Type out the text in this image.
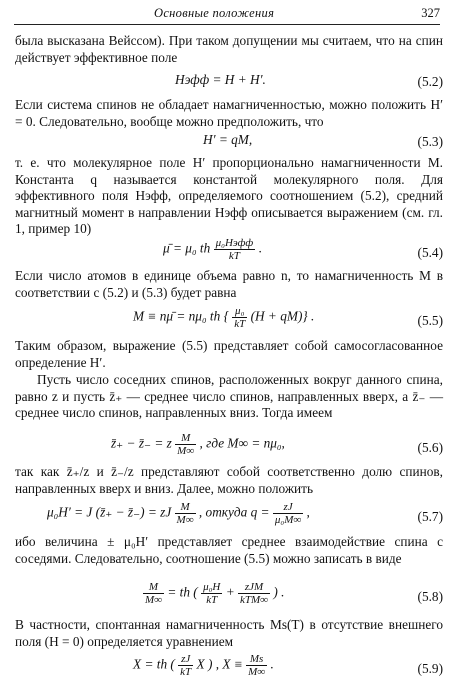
Основные положения	327
была высказана Вейссом). При таком допущении мы считаем, что на спин действует эффективное поле
Hэфф = H + H′.	(5.2)
Если система спинов не обладает намагниченностью, можно положить H′ = 0. Следовательно, вообще можно предположить, что
H′ = qM,	(5.3)
т. е. что молекулярное поле H′ пропорционально намагниченности M. Константа q называется константой молекулярного поля. Для эффективного поля Hэфф, определяемого соотношением (5.2), средний магнитный момент в направлении Hэфф описывается выражением (см. гл. 1, пример 10)
μ̄ = μ₀ th $\frac{\text{μ₀Hэфф}}{kT}$ .	(5.4)
Если число атомов в единице объема равно n, то намагниченность M в соответствии с (5.2) и (5.3) будет равна
M ≡ nμ̄ = nμ₀ th { $\frac{\text{μ₀}}{kT} (H + qM)$} .	(5.5)
Таким образом, выражение (5.5) представляет собой самосогласованное определение H′.
Пусть число соседних спинов, расположенных вокруг данного спина, равно z и пусть z̄₊ — среднее число спинов, направленных вверх, а z̄₋ — среднее число спинов, направленных вниз. Тогда имеем
z̄₊ − z̄₋ = z $\frac{M}{M\infty}$ , где M∞ = nμ₀,	(5.6)
так как z̄₊/z и z̄₋/z представляют собой соответственно долю спинов, направленных вверх и вниз. Далее, можно положить
μ₀H′ = J (z̄₊ − z̄₋) = zJ $\frac{M}{M\infty}$ , откуда $q = \frac{zJ}{\text{μ₀M∞}}$ ,	(5.7)
ибо величина ± μ₀H′ представляет среднее взаимодействие спина с соседями. Следовательно, соотношение (5.5) можно записать в виде
$\frac{M}{M\infty}$ = th ( $\frac{\text{μ₀H}}{kT} + \frac{\text{zJM}}{\text{kTM∞}}$ ) .	(5.8)
В частности, спонтанная намагниченность Ms(T) в отсутствие внешнего поля (H = 0) определяется уравнением
X = th ( $\frac{zJ}{kT}$ X ) , $X \equiv \frac{Ms}{M\infty}$ .	(5.9)
